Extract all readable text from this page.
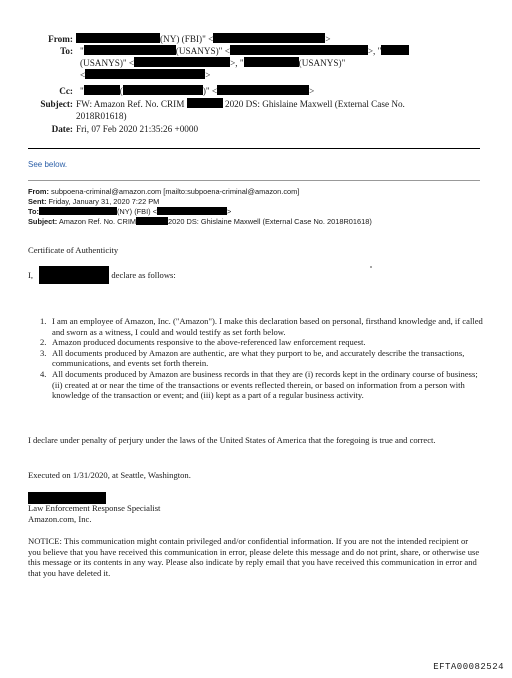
From:	(NY) (FBI)" <	>
To: "	(USANYS)" <	>, "
(USANYS)" <	>, "	(USANYS)"
<	>
Cc: "	(	)" <	>
Subject: FW: Amazon Ref. No. CRIM	2020 DS: Ghislaine Maxwell (External Case No.
2018R01618)
Date: Fri, 07 Feb 2020 21:35:26 +0000
See below.
From: subpoena-criminal@amazon.com [mailto:subpoena-criminal@amazon.com]
Sent: Friday, January 31, 2020 7:22 PM
To:	(NY) (FBI) <	>
Subject: Amazon Ref. No. CRIM	2020 DS: Ghislaine Maxwell (External Case No. 2018R01618)
Certificate of Authenticity
I,	declare as follows:
1. I am an employee of Amazon, Inc. ("Amazon"). I make this declaration based on personal, firsthand knowledge and, if called and sworn as a witness, I could and would testify as set forth below.
2. Amazon produced documents responsive to the above-referenced law enforcement request.
3. All documents produced by Amazon are authentic, are what they purport to be, and accurately describe the transactions, communications, and events set forth therein.
4. All documents produced by Amazon are business records in that they are (i) records kept in the ordinary course of business; (ii) created at or near the time of the transactions or events reflected therein, or based on information from a person with knowledge of the transaction or event; and (iii) kept as a part of a regular business activity.
I declare under penalty of perjury under the laws of the United States of America that the foregoing is true and correct.
Executed on 1/31/2020, at Seattle, Washington.
Law Enforcement Response Specialist
Amazon.com, Inc.
NOTICE: This communication might contain privileged and/or confidential information. If you are not the intended recipient or you believe that you have received this communication in error, please delete this message and do not print, share, or otherwise use this message or its contents in any way. Please also indicate by reply email that you have received this communication in error and that you have deleted it.
EFTA00082524
